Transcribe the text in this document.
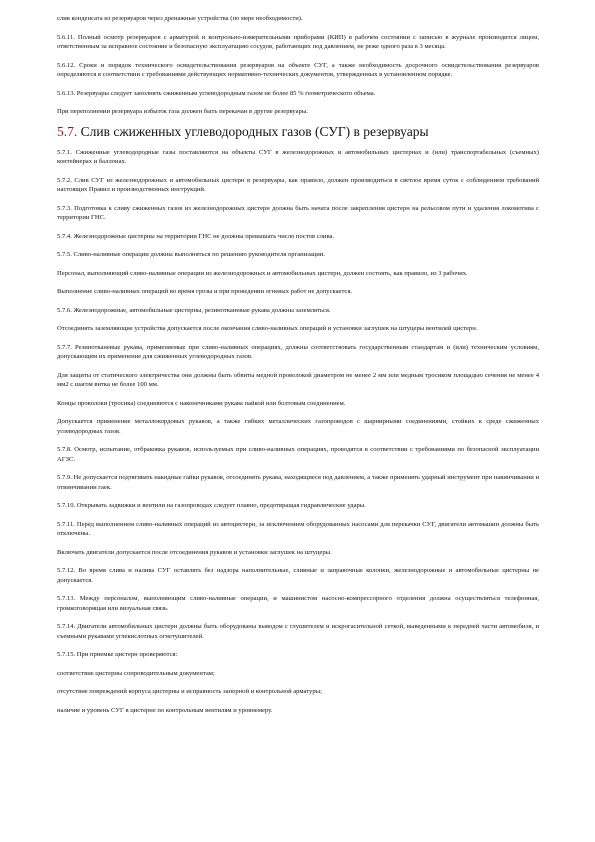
слив конденсата из резервуаров через дренажные устройства (по мере необходимости).

5.6.11. Полный осмотр резервуаров с арматурой и контрольно-измерительными приборами (КИП) в рабочем состоянии с записью в журнале производится лицом, ответственным за исправное состояние и безопасную эксплуатацию сосудов, работающих под давлением, не реже одного раза в 3 месяца.

5.6.12. Сроки и порядок технического освидетельствования резервуаров на объекте СУГ, а также необходимость досрочного освидетельствования резервуаров определяются в соответствии с требованиями действующих нормативно-технических документов, утвержденных в установленном порядке.

5.6.13. Резервуары следует заполнять сжиженным углеводородным газом не более 85 % геометрического объема.

При переполнении резервуара избыток газа должен быть перекачан в другие резервуары.

5.7. Слив сжиженных углеводородных газов (СУГ) в резервуары

5.7.1. Сжиженные углеводородные газы поставляются на объекты СУГ в железнодорожных и автомобильных цистернах и (или) транспортабельных (съемных) контейнерах и баллонах.

5.7.2. Слив СУГ из железнодорожных и автомобильных цистерн в резервуары, как правило, должен производиться в светлое время суток с соблюдением требований настоящих Правил и производственных инструкций.

5.7.3. Подготовка к сливу сжиженных газов из железнодорожных цистерн должна быть начата после закрепления цистерн на рельсовом пути и удаления локомотива с территории ГНС.

5.7.4. Железнодорожные цистерны на территории ГНС не должны превышать число постов слива.

5.7.5. Сливо-наливные операции должны выполняться по решению руководителя организации.

Персонал, выполняющий сливо-наливные операции из железнодорожных и автомобильных цистерн, должен состоять, как правило, из 3 рабочих.

Выполнение сливо-наливных операций во время грозы и при проведении огневых работ не допускается.

5.7.6. Железнодорожные, автомобильные цистерны, резинотканевые рукава должны заземляться.

Отсоединять заземляющие устройства допускается после окончания сливо-наливных операций и установки заглушек на штуцеры вентилей цистерн.

5.7.7. Резинотканевые рукава, применяемые при сливо-наливных операциях, должны соответствовать государственным стандартам и (или) техническим условиям, допускающим их применение для сжиженных углеводородных газов.

Для защиты от статического электричества они должны быть обвиты медной проволокой диаметром не менее 2 мм или медным тросиком площадью сечения не менее 4 мм2 с шагом витка не более 100 мм.

Концы проволоки (тросика) соединяются с наконечниками рукава пайкой или болтовым соединением.

Допускается применение металлокордовых рукавов, а также гибких металлических газопроводов с шарнирными соединениями, стойких к среде сжиженных углеводородных газов.

5.7.8. Осмотр, испытание, отбраковка рукавов, используемых при сливо-наливных операциях, проводятся в соответствии с требованиями по безопасной эксплуатации АГЗС.

5.7.9. Не допускается подтягивать накидные гайки рукавов, отсоединять рукава, находящиеся под давлением, а также применять ударный инструмент при навинчивании и отвинчивании гаек.

5.7.10. Открывать задвижки и вентили на газопроводах следует плавно, предотвращая гидравлические удары.

5.7.11. Перед выполнением сливо-наливных операций из автоцистерн, за исключением оборудованных насосами для перекачки СУГ, двигатели автомашин должны быть отключены.

Включать двигатели допускается после отсоединения рукавов и установки заглушек на штуцеры.

5.7.12. Во время слива и налива СУГ оставлять без надзора наполнительные, сливные и заправочные колонки, железнодорожные и автомобильные цистерны не допускается.

5.7.13. Между персоналом, выполняющим сливо-наливные операции, и машинистом насосно-компрессорного отделения должна осуществляться телефонная, громкоговорящая или визуальная связь.

5.7.14. Двигатели автомобильных цистерн должны быть оборудованы выводом с глушителем и искрогасительной сеткой, выведенными к передней части автомобиля, и съемными рукавами углекислотных огнетушителей.

5.7.15. При приемке цистерн проверяются:

соответствие цистерны сопроводительным документам;

отсутствие повреждений корпуса цистерны и исправность запорной и контрольной арматуры;

наличие и уровень СУГ в цистерне по контрольным вентилям и уровнемеру.
